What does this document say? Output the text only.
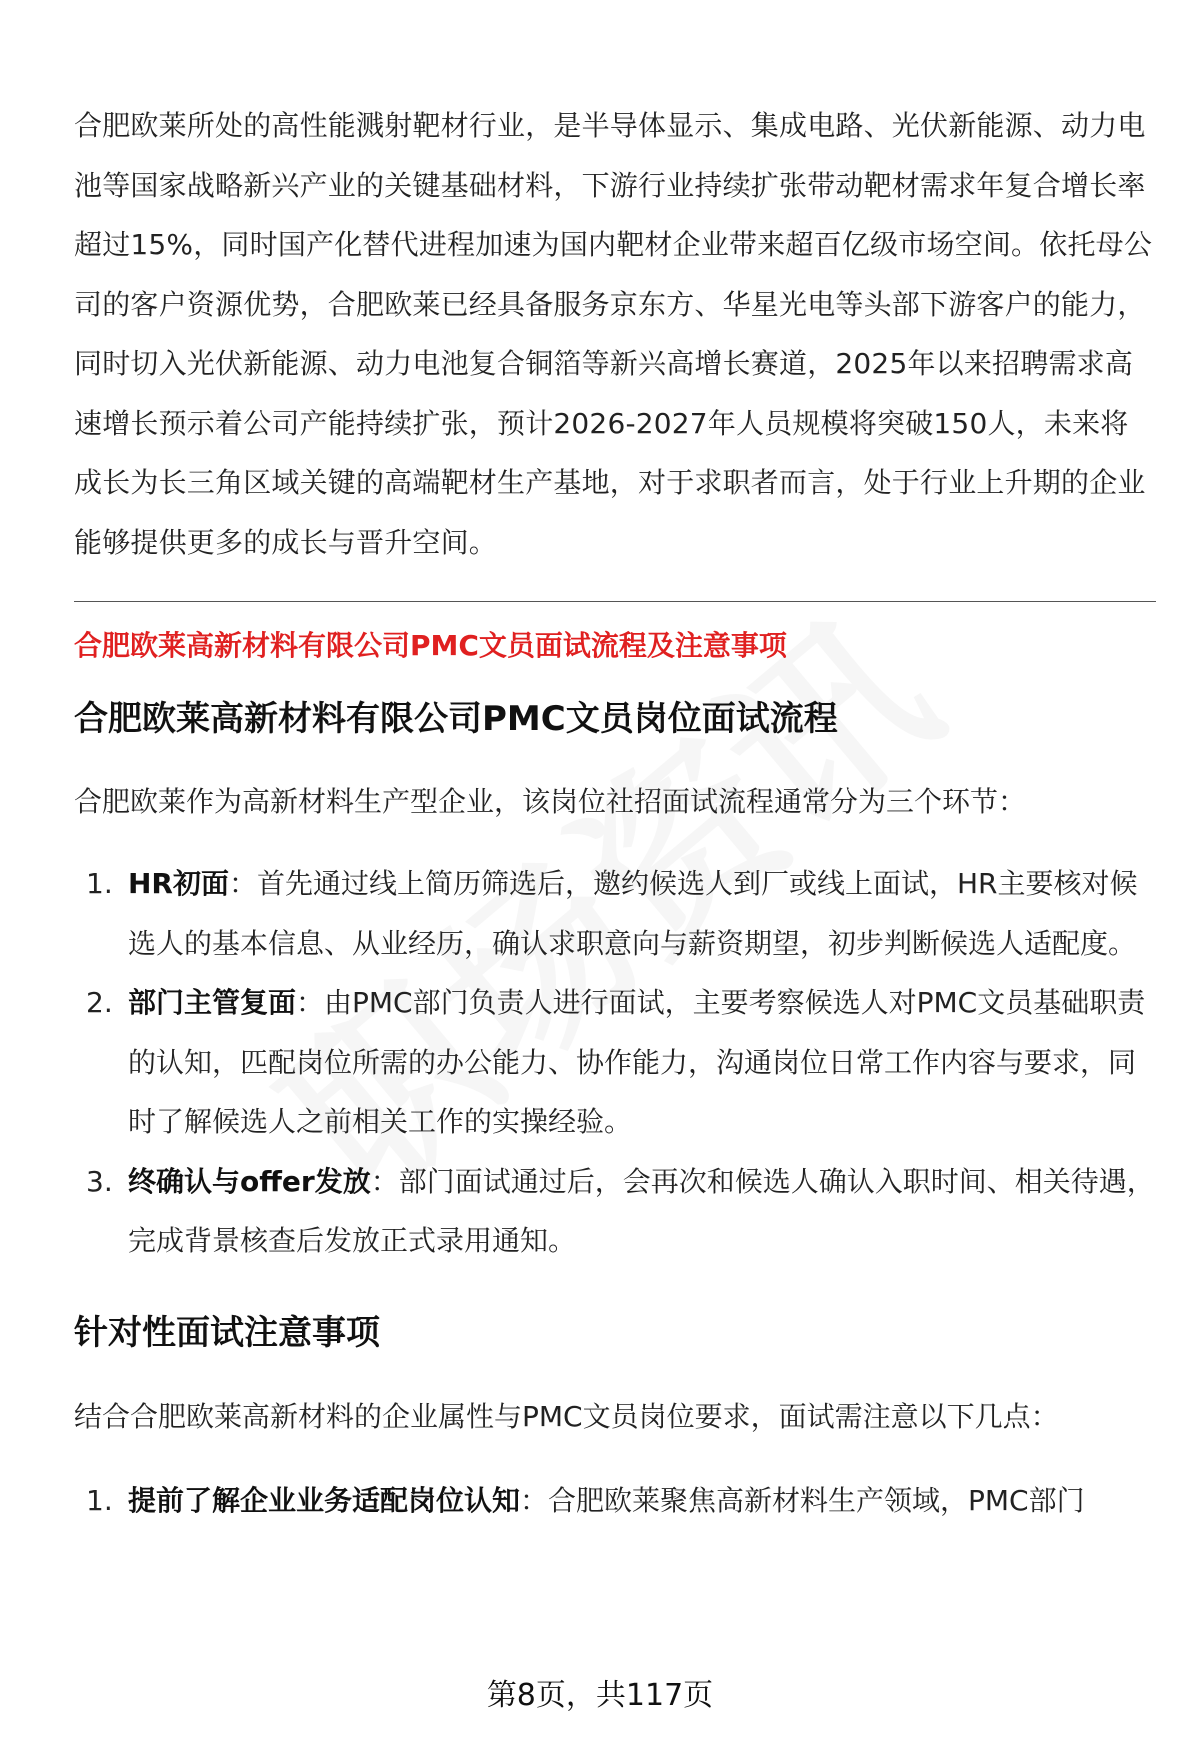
合肥欧莱所处的高性能溅射靶材行业，是半导体显示、集成电路、光伏新能源、动力电池等国家战略新兴产业的关键基础材料，下游行业持续扩张带动靶材需求年复合增长率超过15%，同时国产化替代进程加速为国内靶材企业带来超百亿级市场空间。依托母公司的客户资源优势，合肥欧莱已经具备服务京东方、华星光电等头部下游客户的能力，同时切入光伏新能源、动力电池复合铜箔等新兴高增长赛道，2025年以来招聘需求高速增长预示着公司产能持续扩张，预计2026-2027年人员规模将突破150人，未来将成长为长三角区域关键的高端靶材生产基地，对于求职者而言，处于行业上升期的企业能够提供更多的成长与晋升空间。

合肥欧莱高新材料有限公司PMC文员面试流程及注意事项
合肥欧莱高新材料有限公司PMC文员岗位面试流程

合肥欧莱作为高新材料生产型企业，该岗位社招面试流程通常分为三个环节：

1. HR初面：首先通过线上简历筛选后，邀约候选人到厂或线上面试，HR主要核对候选人的基本信息、从业经历，确认求职意向与薪资期望，初步判断候选人适配度。
2. 部门主管复面：由PMC部门负责人进行面试，主要考察候选人对PMC文员基础职责的认知，匹配岗位所需的办公能力、协作能力，沟通岗位日常工作内容与要求，同时了解候选人之前相关工作的实操经验。
3. 终确认与offer发放：部门面试通过后，会再次和候选人确认入职时间、相关待遇，完成背景核查后发放正式录用通知。
针对性面试注意事项

结合合肥欧莱高新材料的企业属性与PMC文员岗位要求，面试需注意以下几点：

1. 提前了解企业业务适配岗位认知：合肥欧莱聚焦高新材料生产领域，PMC部门
第8页，共117页
